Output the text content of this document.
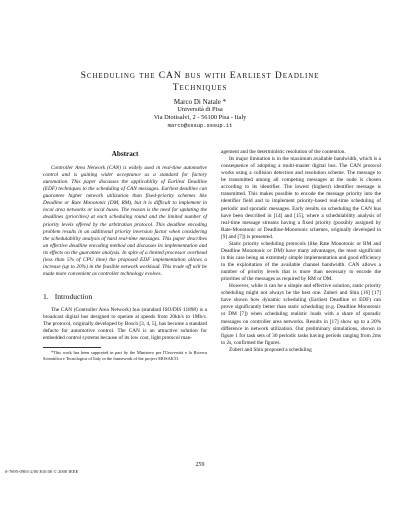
Scheduling the CAN bus with Earliest Deadline
Techniques
Marco Di Natale *
Università di Pisa
Via Diotisalvi, 2 - 56100 Pisa - Italy
marco@sssup.sssup.it
Abstract

Controller Area Network (CAN) is widely used in real-time automotive control and is gaining wider acceptance as a standard for factory automation. This paper discusses the applicability of Earliest Deadline (EDF) techniques to the scheduling of CAN messages. Earliest deadline can guarantee higher network utilization than fixed-priority schemes like Deadline or Rate Monotonic (DM, RM), but it is difficult to implement in local area networks or local buses. The reason is the need for updating the deadlines (priorities) at each scheduling round and the limited number of priority levels offered by the arbitration protocol. This deadline encoding problem results in an additional priority inversion factor when considering the schedulability analysis of hard real-time messages. This paper describes an effective deadline encoding method and discusses its implementation and its effects on the guarantee analysis. In spite of a limited processor overhead (less than 5% of CPU time) the proposed EDF implementation allows a increase (up to 20%) in the feasible network workload. This trade off will be made more convenient as controller technology evolves.

1. Introduction

The CAN (Controller Area Network) bus (standard ISO/DIS 11898) is a broadcast digital bus designed to operate at speeds from 20kb/s to 1Mb/s. The protocol, originally developed by Bosch [3, 4, 5], has become a standard defacto for automotive control. The CAN is an attractive solution for embedded control systems because of its low cost, light protocol man-

*This work has been supported in part by the Ministero per l'Università e la Ricerca Scientifica e Tecnologica of Italy in the framework of the project MOSAICO.

agement and the deterministic resolution of the contention.

Its major limitation is in the maximum available bandwidth, which is a consequence of adopting a multi-master digital bus. The CAN protocol works using a collision detection and resolution scheme. The message to be transmitted among all competing messages at the node is chosen according to its identifier. The lowest (highest) identifier message is transmitted. This makes possible to encode the message priority into the identifier field and to implement priority-based real-time scheduling of periodic and sporadic messages. Early results on scheduling the CAN bus have been described in [14] and [15], where a schedulability analysis of real-time message streams having a fixed priority (possibly assigned by Rate-Monotonic or Deadline-Monotonic schemes, originally developed in [9] and [7]) is presented.

Static priority scheduling protocols (like Rate Monotonic or RM and Deadline Monotonic or DM) have many advantages, the most significant in this case being an extremely simple implementation and good efficiency in the exploitation of the available channel bandwidth. CAN allows a number of priority levels that is more than necessary to encode the priorities of the messages as required by RM or DM.

However, while it can be a simple and effective solution, static priority scheduling might not always be the best one. Zuberi and Shin [16] [17] have shown how dynamic scheduling (Earliest Deadline or EDF) can prove significantly better than static scheduling (e.g. Deadline Monotonic or DM [7]) when scheduling realistic loads with a share of sporadic messages on controller area networks. Results in [17] show up to a 20% difference in network utilization. Our preliminary simulations, shown in figure 1 for task sets of 30 periodic tasks having periods ranging from 2ms to 2s, confirmed the figures.

Zuberi and Shin proposed a scheduling

259
0-7695-0903-2/00 $10.00 © 2000 IEEE
